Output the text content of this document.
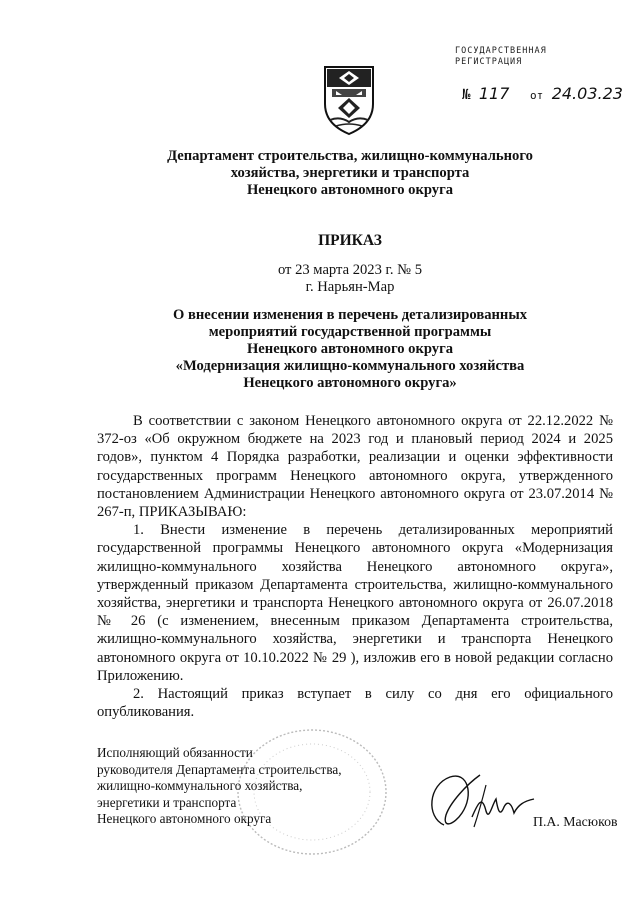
ГОСУДАРСТВЕННАЯ
РЕГИСТРАЦИЯ
№ 117 от 24.03.23
Департамент строительства, жилищно-коммунального
хозяйства, энергетики и транспорта
Ненецкого автономного округа
ПРИКАЗ
от 23 марта 2023 г. № 5
г. Нарьян-Мар
О внесении изменения в перечень детализированных
мероприятий государственной программы
Ненецкого автономного округа
«Модернизация жилищно-коммунального хозяйства
Ненецкого автономного округа»

В соответствии с законом Ненецкого автономного округа от 22.12.2022 № 372-оз «Об окружном бюджете на 2023 год и плановый период 2024 и 2025 годов», пунктом 4 Порядка разработки, реализации и оценки эффективности государственных программ Ненецкого автономного округа, утвержденного постановлением Администрации Ненецкого автономного округа от 23.07.2014 № 267-п, ПРИКАЗЫВАЮ:

1. Внести изменение в перечень детализированных мероприятий государственной программы Ненецкого автономного округа «Модернизация жилищно-коммунального хозяйства Ненецкого автономного округа», утвержденный приказом Департамента строительства, жилищно-коммунального хозяйства, энергетики и транспорта Ненецкого автономного округа от 26.07.2018 № 26 (с изменением, внесенным приказом Департамента строительства, жилищно-коммунального хозяйства, энергетики и транспорта Ненецкого автономного округа от 10.10.2022 № 29 ), изложив его в новой редакции согласно Приложению.

2. Настоящий приказ вступает в силу со дня его официального опубликования.

Исполняющий обязанности
руководителя Департамента строительства,
жилищно-коммунального хозяйства,
энергетики и транспорта
Ненецкого автономного округа	П.А. Масюков
